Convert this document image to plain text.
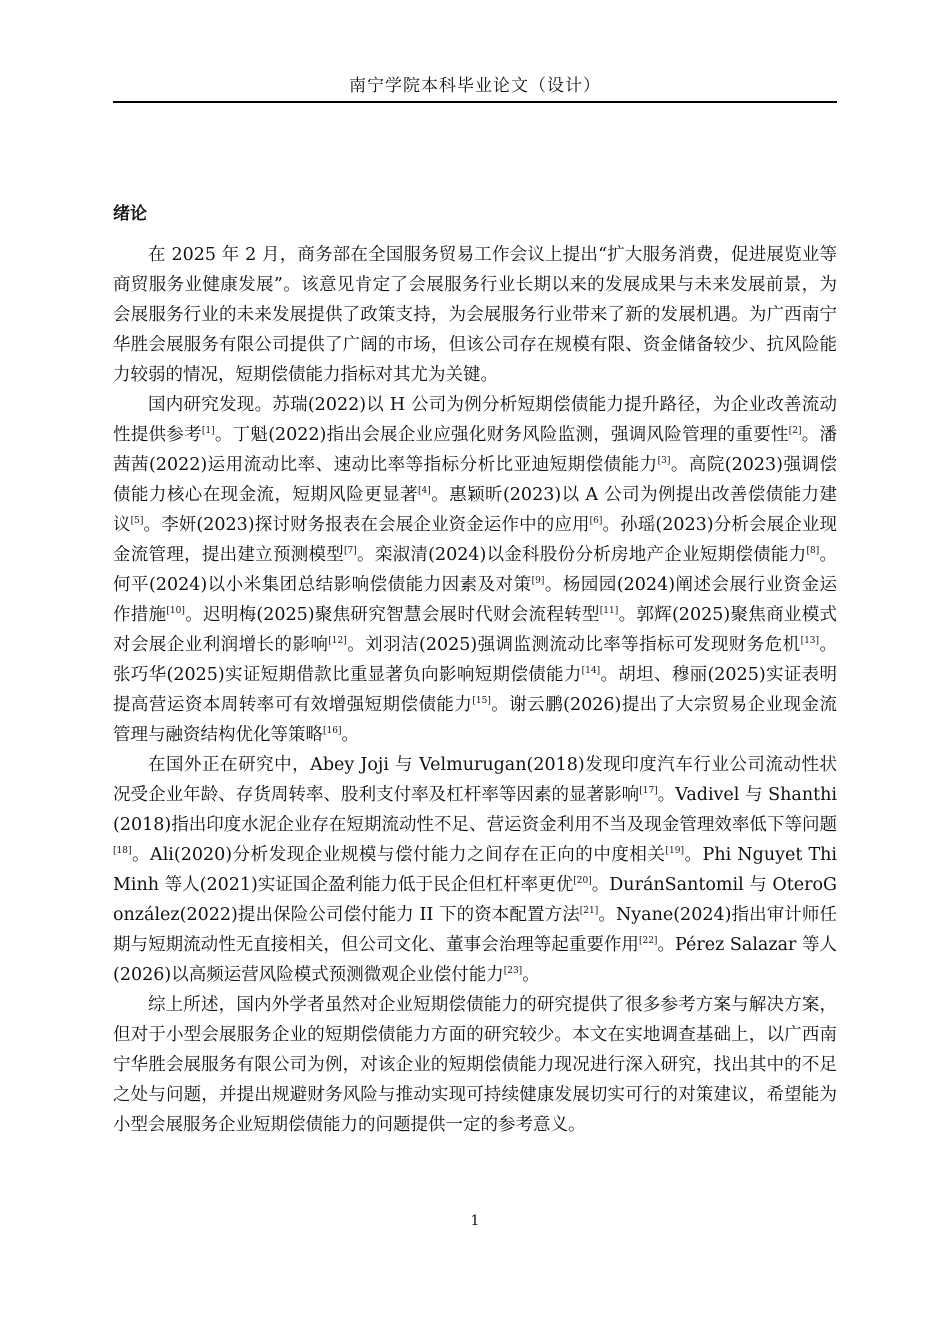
南宁学院本科毕业论文（设计）
绪论

在 2025 年 2 月，商务部在全国服务贸易工作会议上提出“扩大服务消费，促进展览业等商贸服务业健康发展”。该意见肯定了会展服务行业长期以来的发展成果与未来发展前景，为会展服务行业的未来发展提供了政策支持，为会展服务行业带来了新的发展机遇。为广西南宁华胜会展服务有限公司提供了广阔的市场，但该公司存在规模有限、资金储备较少、抗风险能力较弱的情况，短期偿债能力指标对其尤为关键。

国内研究发现。苏瑞(2022)以 H 公司为例分析短期偿债能力提升路径，为企业改善流动性提供参考[1]。丁魁(2022)指出会展企业应强化财务风险监测，强调风险管理的重要性[2]。潘茜茜(2022)运用流动比率、速动比率等指标分析比亚迪短期偿债能力[3]。高院(2023)强调偿债能力核心在现金流，短期风险更显著[4]。惠颖昕(2023)以 A 公司为例提出改善偿债能力建议[5]。李妍(2023)探讨财务报表在会展企业资金运作中的应用[6]。孙瑶(2023)分析会展企业现金流管理，提出建立预测模型[7]。栾淑清(2024)以金科股份分析房地产企业短期偿债能力[8]。何平(2024)以小米集团总结影响偿债能力因素及对策[9]。杨园园(2024)阐述会展行业资金运作措施[10]。迟明梅(2025)聚焦研究智慧会展时代财会流程转型[11]。郭辉(2025)聚焦商业模式对会展企业利润增长的影响[12]。刘羽洁(2025)强调监测流动比率等指标可发现财务危机[13]。张巧华(2025)实证短期借款比重显著负向影响短期偿债能力[14]。胡坦、穆丽(2025)实证表明提高营运资本周转率可有效增强短期偿债能力[15]。谢云鹏(2026)提出了大宗贸易企业现金流管理与融资结构优化等策略[16]。

在国外正在研究中，Abey Joji 与 Velmurugan(2018)发现印度汽车行业公司流动性状况受企业年龄、存货周转率、股利支付率及杠杆率等因素的显著影响[17]。Vadivel 与 Shanthi(2018)指出印度水泥企业存在短期流动性不足、营运资金利用不当及现金管理效率低下等问题[18]。Ali(2020)分析发现企业规模与偿付能力之间存在正向的中度相关[19]。Phi Nguyet Thi Minh 等人(2021)实证国企盈利能力低于民企但杠杆率更优[20]。DuránSantomil 与 OteroGonzález(2022)提出保险公司偿付能力 II 下的资本配置方法[21]。Nyane(2024)指出审计师任期与短期流动性无直接相关，但公司文化、董事会治理等起重要作用[22]。Pérez Salazar 等人(2026)以高频运营风险模式预测微观企业偿付能力[23]。

综上所述，国内外学者虽然对企业短期偿债能力的研究提供了很多参考方案与解决方案，但对于小型会展服务企业的短期偿债能力方面的研究较少。本文在实地调查基础上，以广西南宁华胜会展服务有限公司为例，对该企业的短期偿债能力现况进行深入研究，找出其中的不足之处与问题，并提出规避财务风险与推动实现可持续健康发展切实可行的对策建议，希望能为小型会展服务企业短期偿债能力的问题提供一定的参考意义。

1
